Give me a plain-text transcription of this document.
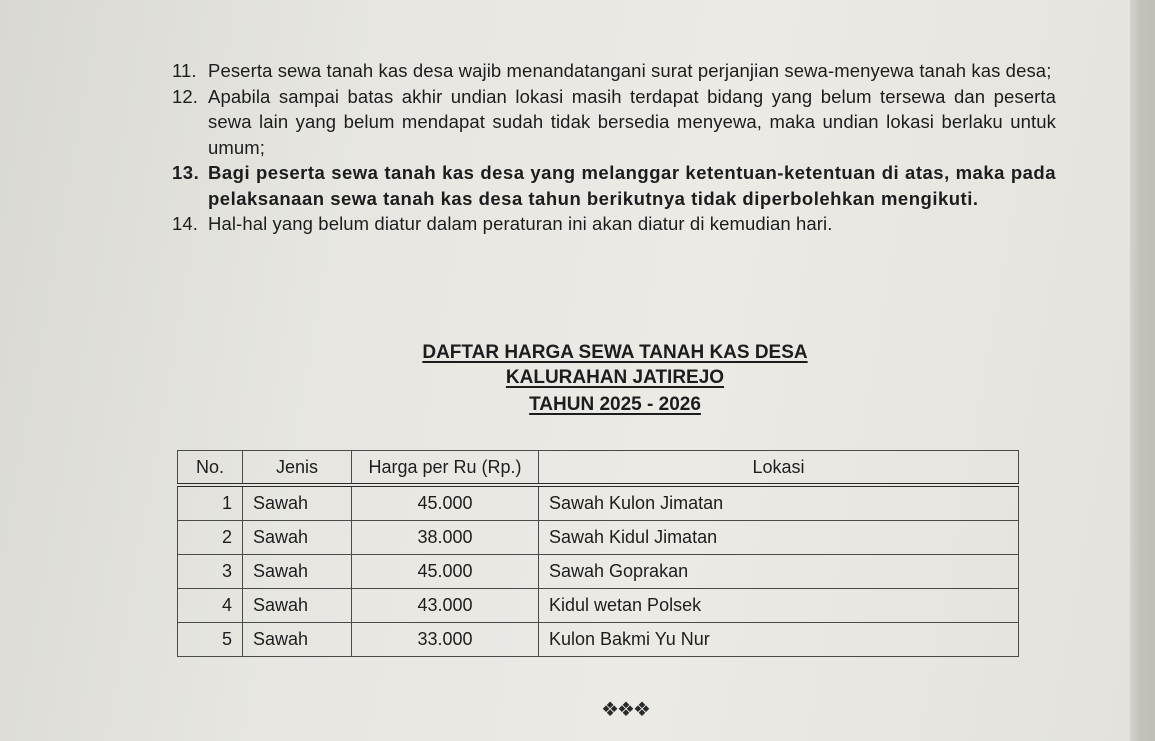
11. Peserta sewa tanah kas desa wajib menandatangani surat perjanjian sewa-menyewa tanah kas desa;
12. Apabila sampai batas akhir undian lokasi masih terdapat bidang yang belum tersewa dan peserta sewa lain yang belum mendapat sudah tidak bersedia menyewa, maka undian lokasi berlaku untuk umum;
13. Bagi peserta sewa tanah kas desa yang melanggar ketentuan-ketentuan di atas, maka pada pelaksanaan sewa tanah kas desa tahun berikutnya tidak diperbolehkan mengikuti.
14. Hal-hal yang belum diatur dalam peraturan ini akan diatur di kemudian hari.
DAFTAR HARGA SEWA TANAH KAS DESA
KALURAHAN JATIREJO
TAHUN 2025 - 2026
No.	Jenis	Harga per Ru (Rp.)	Lokasi
1	Sawah	45.000	Sawah Kulon Jimatan
2	Sawah	38.000	Sawah Kidul Jimatan
3	Sawah	45.000	Sawah Goprakan
4	Sawah	43.000	Kidul wetan Polsek
5	Sawah	33.000	Kulon Bakmi Yu Nur
❖❖❖
